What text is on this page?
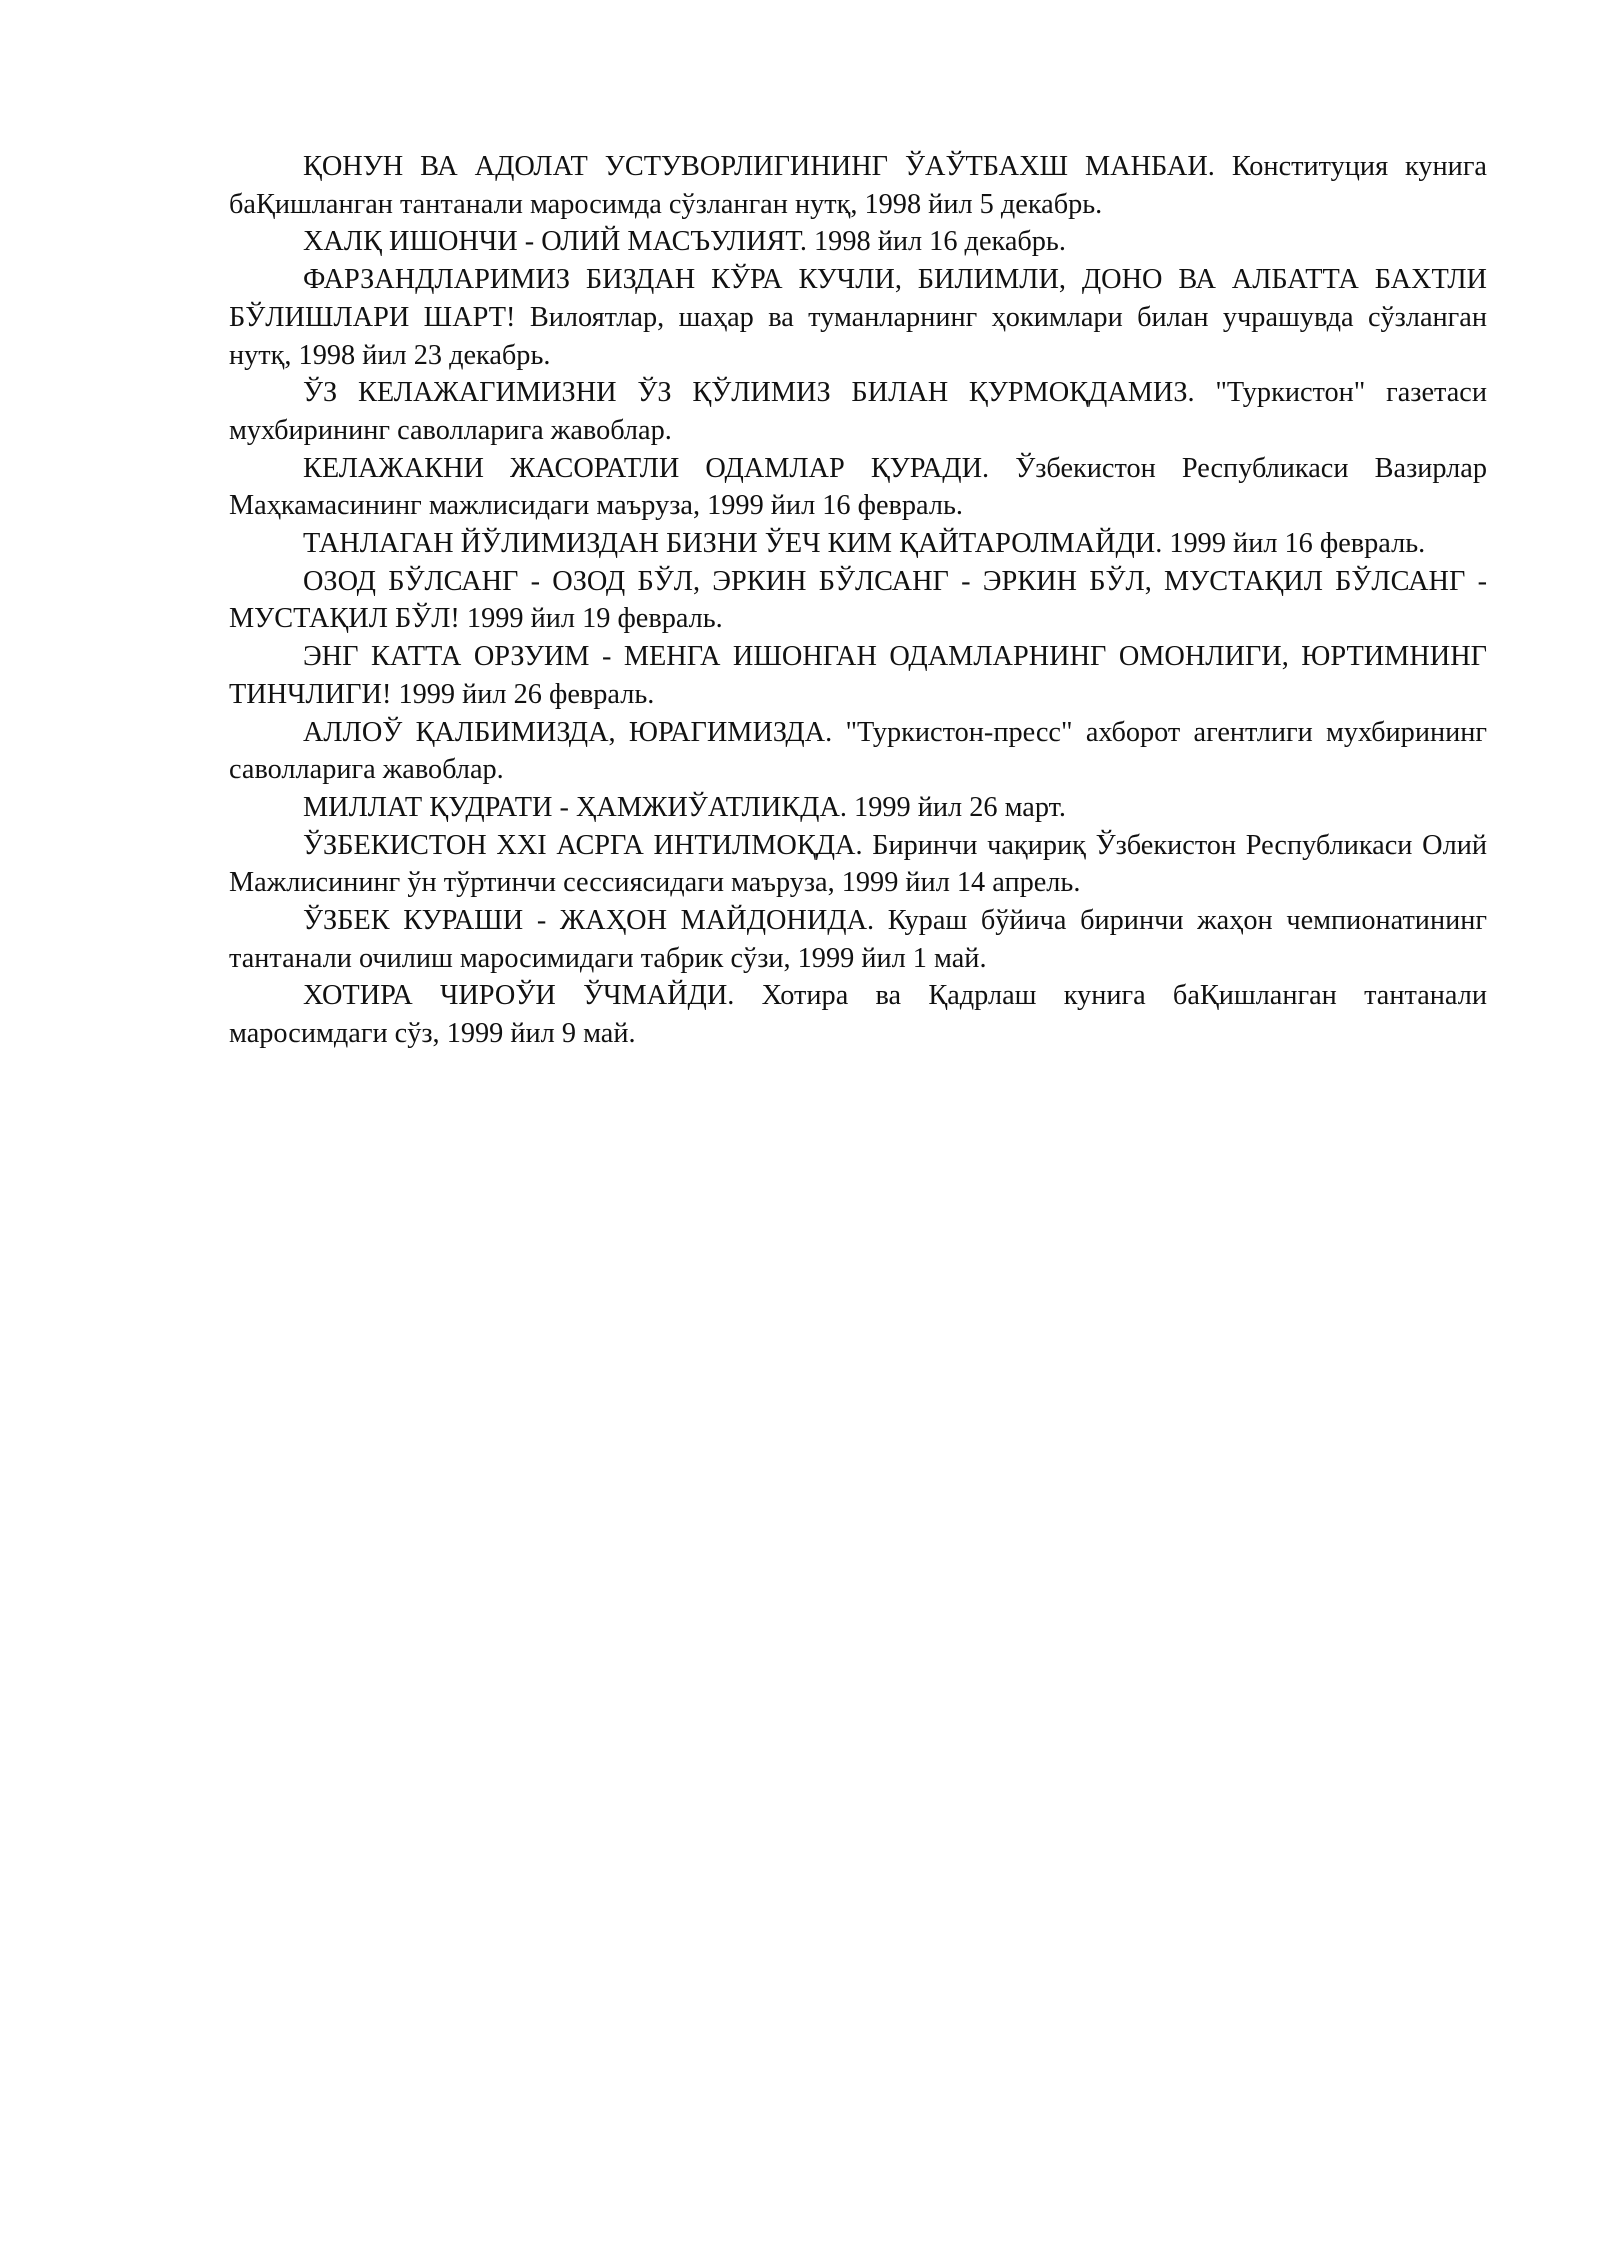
ҚОНУН ВА АДОЛАТ УСТУВОРЛИГИНИНГ ЎАЎТБАХШ МАНБАИ. Конституция кунига баҚишланган тантанали маросимда сўзланган нутқ, 1998 йил 5 декабрь.

ХАЛҚ ИШОНЧИ - ОЛИЙ МАСЪУЛИЯТ. 1998 йил 16 декабрь.

ФАРЗАНДЛАРИМИЗ БИЗДАН КЎРА КУЧЛИ, БИЛИМЛИ, ДОНО ВА АЛБАТТА БАХТЛИ БЎЛИШЛАРИ ШАРТ! Вилоятлар, шаҳар ва туманларнинг ҳокимлари билан учрашувда сўзланган нутқ, 1998 йил 23 декабрь.

ЎЗ КЕЛАЖАГИМИЗНИ ЎЗ ҚЎЛИМИЗ БИЛАН ҚУРМОҚДАМИЗ. "Туркистон" газетаси мухбирининг саволларига жавоблар.

КЕЛАЖАКНИ ЖАСОРАТЛИ ОДАМЛАР ҚУРАДИ. Ўзбекистон Республикаси Вазирлар Маҳкамасининг мажлисидаги маъруза, 1999 йил 16 февраль.

ТАНЛАГАН ЙЎЛИМИЗДАН БИЗНИ ЎЕЧ КИМ ҚАЙТАРОЛМАЙДИ. 1999 йил 16 февраль.

ОЗОД БЎЛСАНГ - ОЗОД БЎЛ, ЭРКИН БЎЛСАНГ - ЭРКИН БЎЛ, МУСТАҚИЛ БЎЛСАНГ - МУСТАҚИЛ БЎЛ! 1999 йил 19 февраль.

ЭНГ КАТТА ОРЗУИМ - МЕНГА ИШОНГАН ОДАМЛАРНИНГ ОМОНЛИГИ, ЮРТИМНИНГ ТИНЧЛИГИ! 1999 йил 26 февраль.

АЛЛОЎ ҚАЛБИМИЗДА, ЮРАГИМИЗДА. "Туркистон-пресс" ахборот агентлиги мухбирининг саволларига жавоблар.

МИЛЛАТ ҚУДРАТИ - ҲАМЖИЎАТЛИКДА. 1999 йил 26 март.

ЎЗБЕКИСТОН XXI АСРГА ИНТИЛМОҚДА. Биринчи чақириқ Ўзбекистон Республикаси Олий Мажлисининг ўн тўртинчи сессиясидаги маъруза, 1999 йил 14 апрель.

ЎЗБЕК КУРАШИ - ЖАҲОН МАЙДОНИДА. Кураш бўйича биринчи жаҳон чемпионатининг тантанали очилиш маросимидаги табрик сўзи, 1999 йил 1 май.

ХОТИРА ЧИРОЎИ ЎЧМАЙДИ. Хотира ва Қадрлаш кунига баҚишланган тантанали маросимдаги сўз, 1999 йил 9 май.
